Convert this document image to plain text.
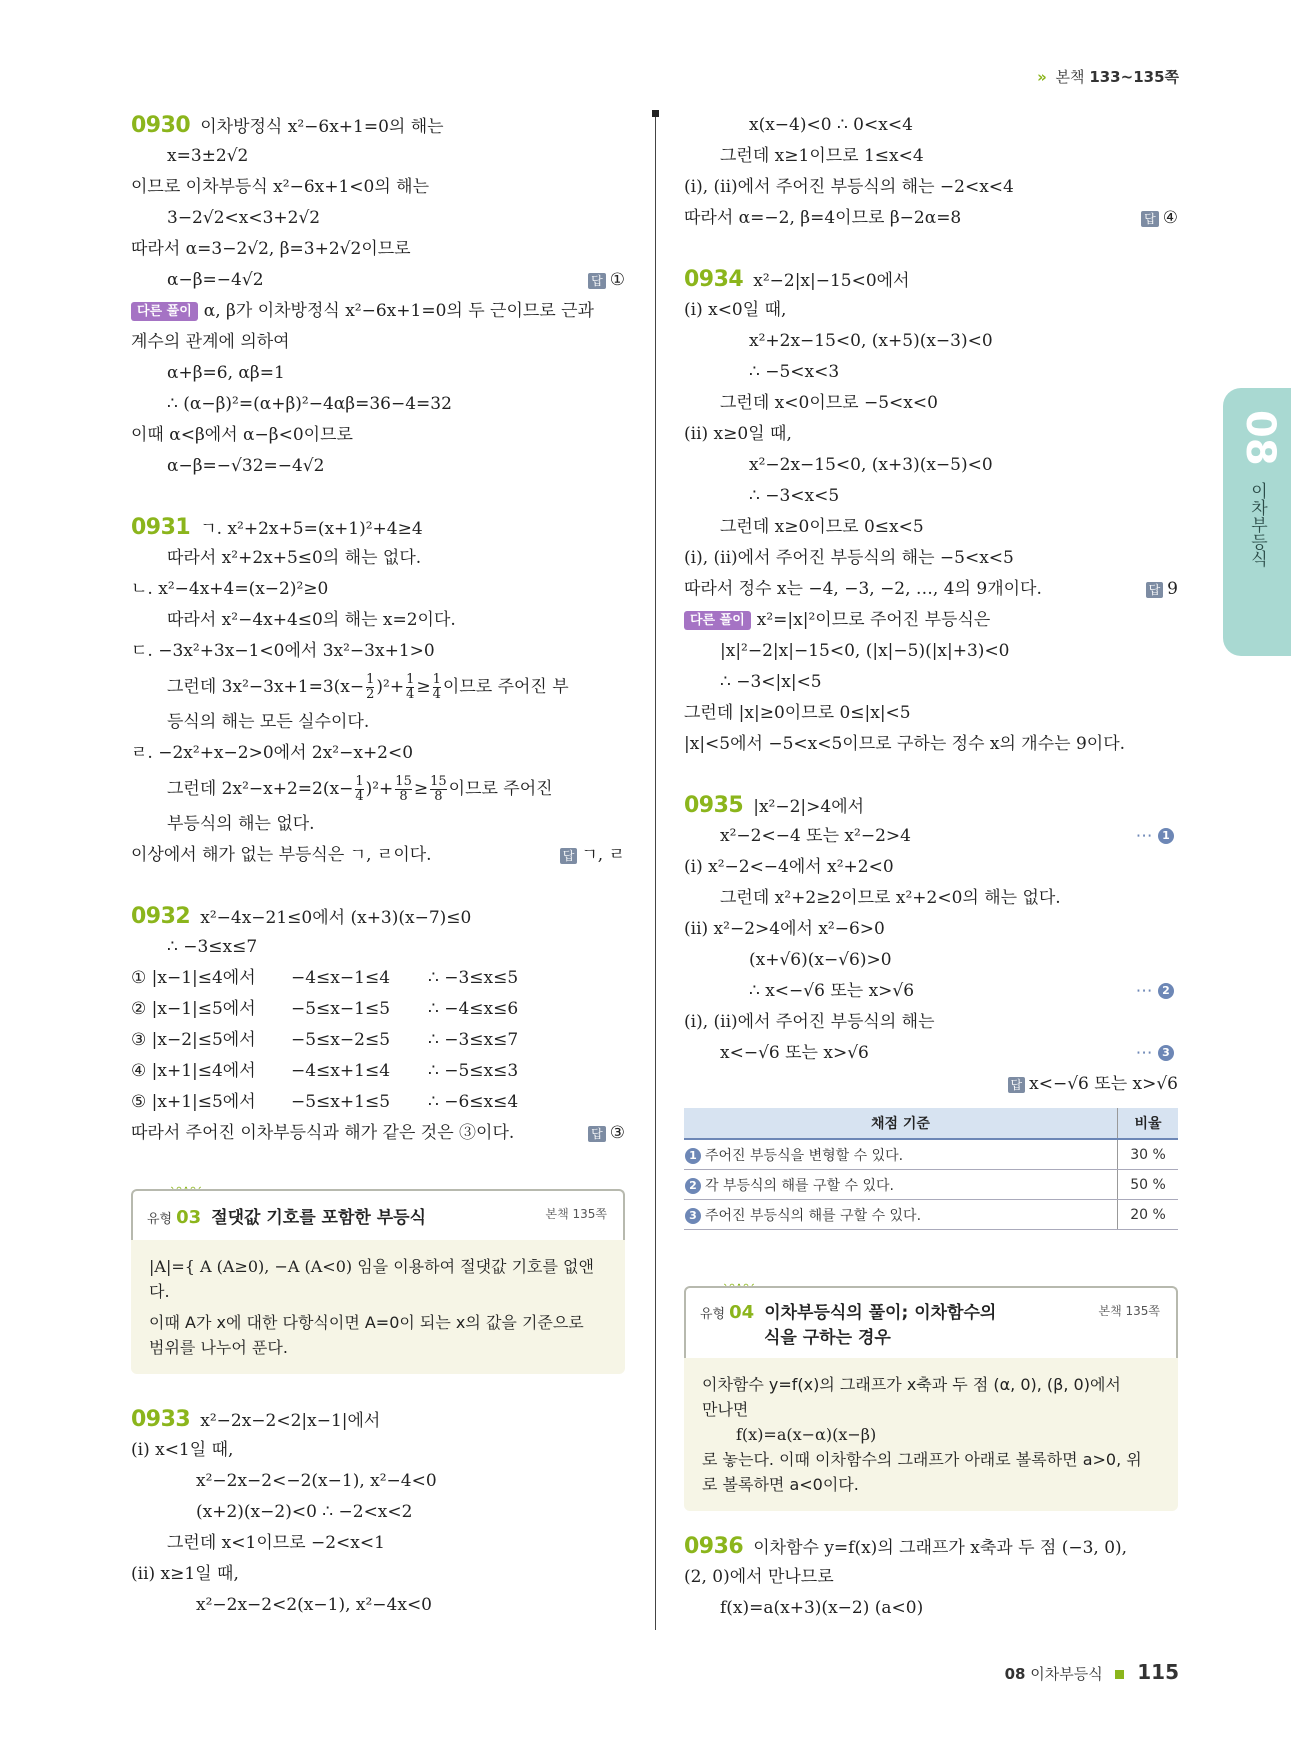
» 본책 133~135쪽
08
이차부등식
0930 이차방정식 x²−6x+1=0의 해는
x=3±2√2
이므로 이차부등식 x²−6x+1<0의 해는
3−2√2<x<3+2√2
따라서 α=3−2√2, β=3+2√2이므로
α−β=−4√2	답 ①
다른 풀이 α, β가 이차방정식 x²−6x+1=0의 두 근이므로 근과
계수의 관계에 의하여
α+β=6, αβ=1
∴ (α−β)²=(α+β)²−4αβ=36−4=32
이때 α<β에서 α−β<0이므로
α−β=−√32=−4√2
0931 ㄱ. x²+2x+5=(x+1)²+4≥4
따라서 x²+2x+5≤0의 해는 없다.
ㄴ. x²−4x+4=(x−2)²≥0
따라서 x²−4x+4≤0의 해는 x=2이다.
ㄷ. −3x²+3x−1<0에서 3x²−3x+1>0
그런데 $3x^2-3x+1=3(x- \frac{1}{2} )^2+ \frac{1}{4} \ge \frac{1}{4}$ 이므로 주어진 부
등식의 해는 모든 실수이다.
ㄹ. −2x²+x−2>0에서 2x²−x+2<0
그런데 $2x^2-x+2=2(x- \frac{1}{4} )^2+ \frac{15}{8} \ge \frac{15}{8}$ 이므로 주어진
부등식의 해는 없다.
이상에서 해가 없는 부등식은 ㄱ, ㄹ이다.	답 ㄱ, ㄹ
0932 x²−4x−21≤0에서 (x+3)(x−7)≤0
∴ −3≤x≤7
① |x−1|≤4에서 −4≤x−1≤4 ∴ −3≤x≤5
② |x−1|≤5에서 −5≤x−1≤5 ∴ −4≤x≤6
③ |x−2|≤5에서 −5≤x−2≤5 ∴ −3≤x≤7
④ |x+1|≤4에서 −4≤x+1≤4 ∴ −5≤x≤3
⑤ |x+1|≤5에서 −5≤x+1≤5 ∴ −6≤x≤4
따라서 주어진 이차부등식과 해가 같은 것은 ③이다.	답 ③
유형 03 절댓값 기호를 포함한 부등식	본책 135쪽
|A|={ A (A≥0), −A (A<0) 임을 이용하여 절댓값 기호를 없앤다.
이때 A가 x에 대한 다항식이면 A=0이 되는 x의 값을 기준으로
범위를 나누어 푼다.
0933 x²−2x−2<2|x−1|에서
(i) x<1일 때,
x²−2x−2<−2(x−1), x²−4<0
(x+2)(x−2)<0 ∴ −2<x<2
그런데 x<1이므로 −2<x<1
(ii) x≥1일 때,
x²−2x−2<2(x−1), x²−4x<0
x(x−4)<0 ∴ 0<x<4
그런데 x≥1이므로 1≤x<4
(i), (ii)에서 주어진 부등식의 해는 −2<x<4
따라서 α=−2, β=4이므로 β−2α=8	답 ④
0934 x²−2|x|−15<0에서
(i) x<0일 때,
x²+2x−15<0, (x+5)(x−3)<0
∴ −5<x<3
그런데 x<0이므로 −5<x<0
(ii) x≥0일 때,
x²−2x−15<0, (x+3)(x−5)<0
∴ −3<x<5
그런데 x≥0이므로 0≤x<5
(i), (ii)에서 주어진 부등식의 해는 −5<x<5
따라서 정수 x는 −4, −3, −2, …, 4의 9개이다.	답 9
다른 풀이 x²=|x|²이므로 주어진 부등식은
|x|²−2|x|−15<0, (|x|−5)(|x|+3)<0
∴ −3<|x|<5
그런데 |x|≥0이므로 0≤|x|<5
|x|<5에서 −5<x<5이므로 구하는 정수 x의 개수는 9이다.
0935 |x²−2|>4에서
x²−2<−4 또는 x²−2>4	⋯ 1
(i) x²−2<−4에서 x²+2<0
그런데 x²+2≥2이므로 x²+2<0의 해는 없다.
(ii) x²−2>4에서 x²−6>0
(x+√6)(x−√6)>0
∴ x<−√6 또는 x>√6	⋯ 2
(i), (ii)에서 주어진 부등식의 해는
x<−√6 또는 x>√6	⋯ 3
답 x<−√6 또는 x>√6
채점 기준	비율
1 주어진 부등식을 변형할 수 있다.	30 %
2 각 부등식의 해를 구할 수 있다.	50 %
3 주어진 부등식의 해를 구할 수 있다.	20 %
유형 04 이차부등식의 풀이; 이차함수의
식을 구하는 경우
본책 135쪽
이차함수 y=f(x)의 그래프가 x축과 두 점 (α, 0), (β, 0)에서
만나면
f(x)=a(x−α)(x−β)
로 놓는다. 이때 이차함수의 그래프가 아래로 볼록하면 a>0, 위
로 볼록하면 a<0이다.
0936 이차함수 y=f(x)의 그래프가 x축과 두 점 (−3, 0),
(2, 0)에서 만나므로
f(x)=a(x+3)(x−2) (a<0)
08 이차부등식 115
